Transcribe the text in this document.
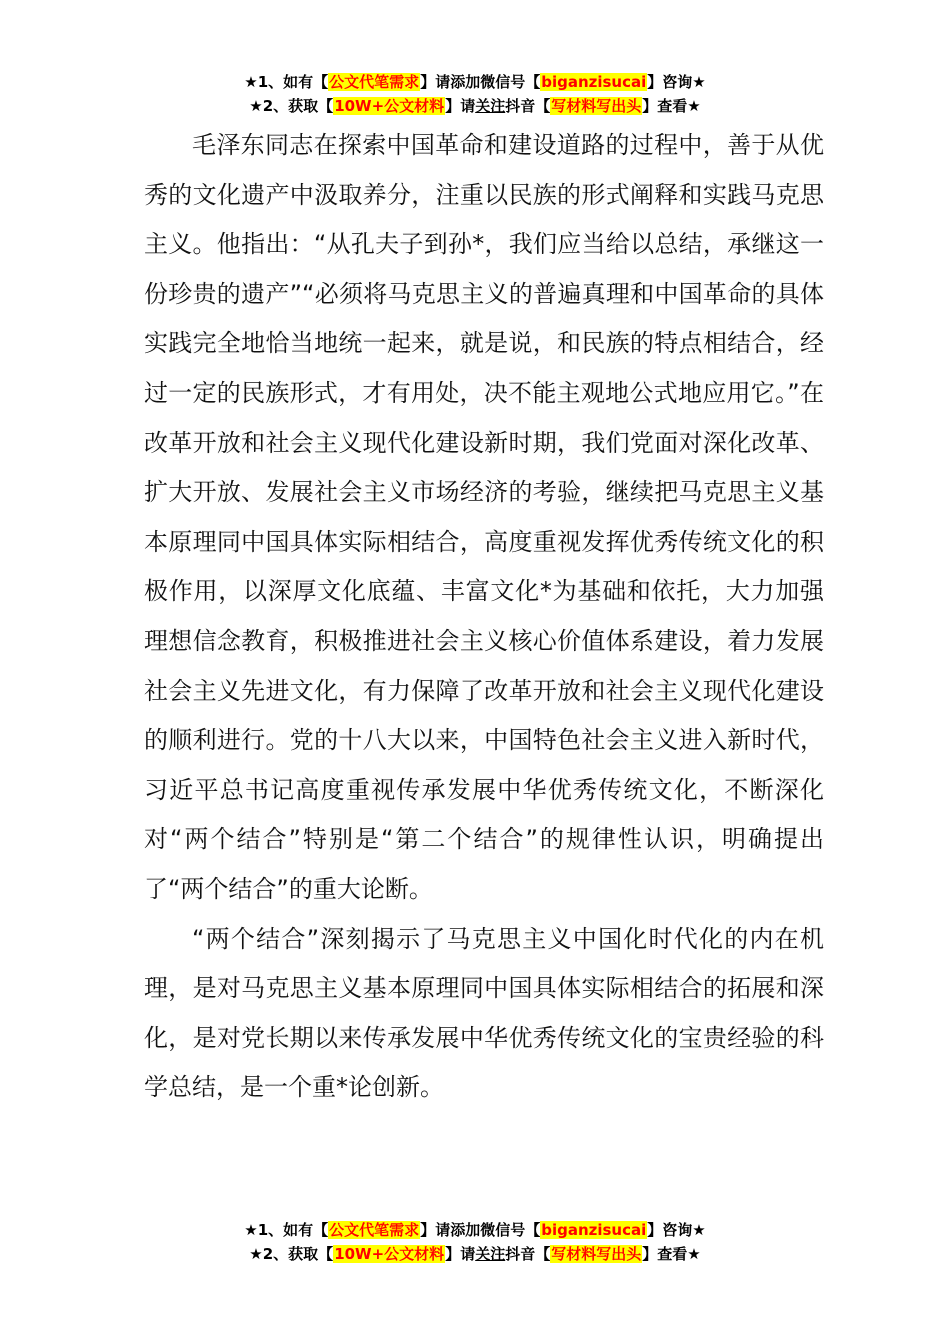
★1、如有【公文代笔需求】请添加微信号【biganzisucai】咨询★
★2、获取【10W+公文材料】请关注抖音【写材料写出头】查看★

毛泽东同志在探索中国革命和建设道路的过程中，善于从优秀的文化遗产中汲取养分，注重以民族的形式阐释和实践马克思主义。他指出：“从孔夫子到孙*，我们应当给以总结，承继这一份珍贵的遗产”“必须将马克思主义的普遍真理和中国革命的具体实践完全地恰当地统一起来，就是说，和民族的特点相结合，经过一定的民族形式，才有用处，决不能主观地公式地应用它。”在改革开放和社会主义现代化建设新时期，我们党面对深化改革、扩大开放、发展社会主义市场经济的考验，继续把马克思主义基本原理同中国具体实际相结合，高度重视发挥优秀传统文化的积极作用，以深厚文化底蕴、丰富文化*为基础和依托，大力加强理想信念教育，积极推进社会主义核心价值体系建设，着力发展社会主义先进文化，有力保障了改革开放和社会主义现代化建设的顺利进行。党的十八大以来，中国特色社会主义进入新时代，习近平总书记高度重视传承发展中华优秀传统文化，不断深化对“两个结合”特别是“第二个结合”的规律性认识，明确提出了“两个结合”的重大论断。

“两个结合”深刻揭示了马克思主义中国化时代化的内在机理，是对马克思主义基本原理同中国具体实际相结合的拓展和深化，是对党长期以来传承发展中华优秀传统文化的宝贵经验的科学总结，是一个重*论创新。

★1、如有【公文代笔需求】请添加微信号【biganzisucai】咨询★
★2、获取【10W+公文材料】请关注抖音【写材料写出头】查看★
